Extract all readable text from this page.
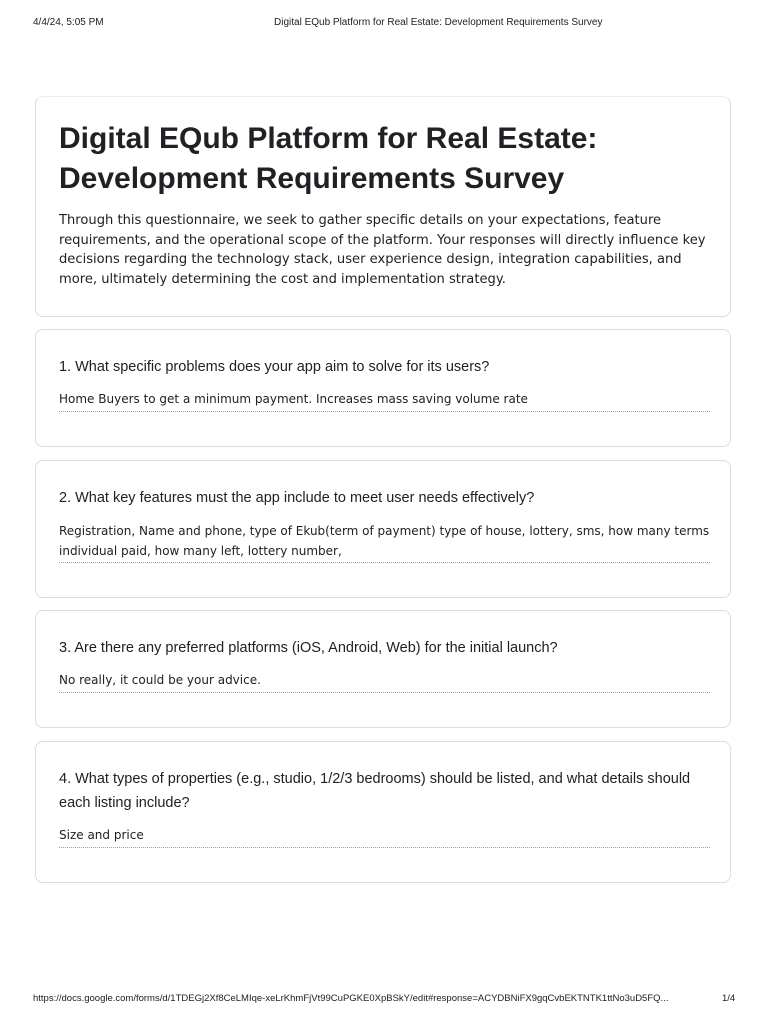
4/4/24, 5:05 PM	Digital EQub Platform for Real Estate: Development Requirements Survey
Digital EQub Platform for Real Estate: Development Requirements Survey

Through this questionnaire, we seek to gather specific details on your expectations, feature requirements, and the operational scope of the platform. Your responses will directly influence key decisions regarding the technology stack, user experience design, integration capabilities, and more, ultimately determining the cost and implementation strategy.

1. What specific problems does your app aim to solve for its users?
Home Buyers to get a minimum payment. Increases mass saving volume rate
2. What key features must the app include to meet user needs effectively?
Registration, Name and phone, type of Ekub(term of payment) type of house, lottery, sms, how many terms individual paid, how many left, lottery number,
3. Are there any preferred platforms (iOS, Android, Web) for the initial launch?
No really, it could be your advice.
4. What types of properties (e.g., studio, 1/2/3 bedrooms) should be listed, and what details should each listing include?
Size and price
https://docs.google.com/forms/d/1TDEGj2Xf8CeLMIqe-xeLrKhmFjVt99CuPGKE0XpBSkY/edit#response=ACYDBNiFX9gqCvbEKTNTK1ttNo3uD5FQ...	1/4
